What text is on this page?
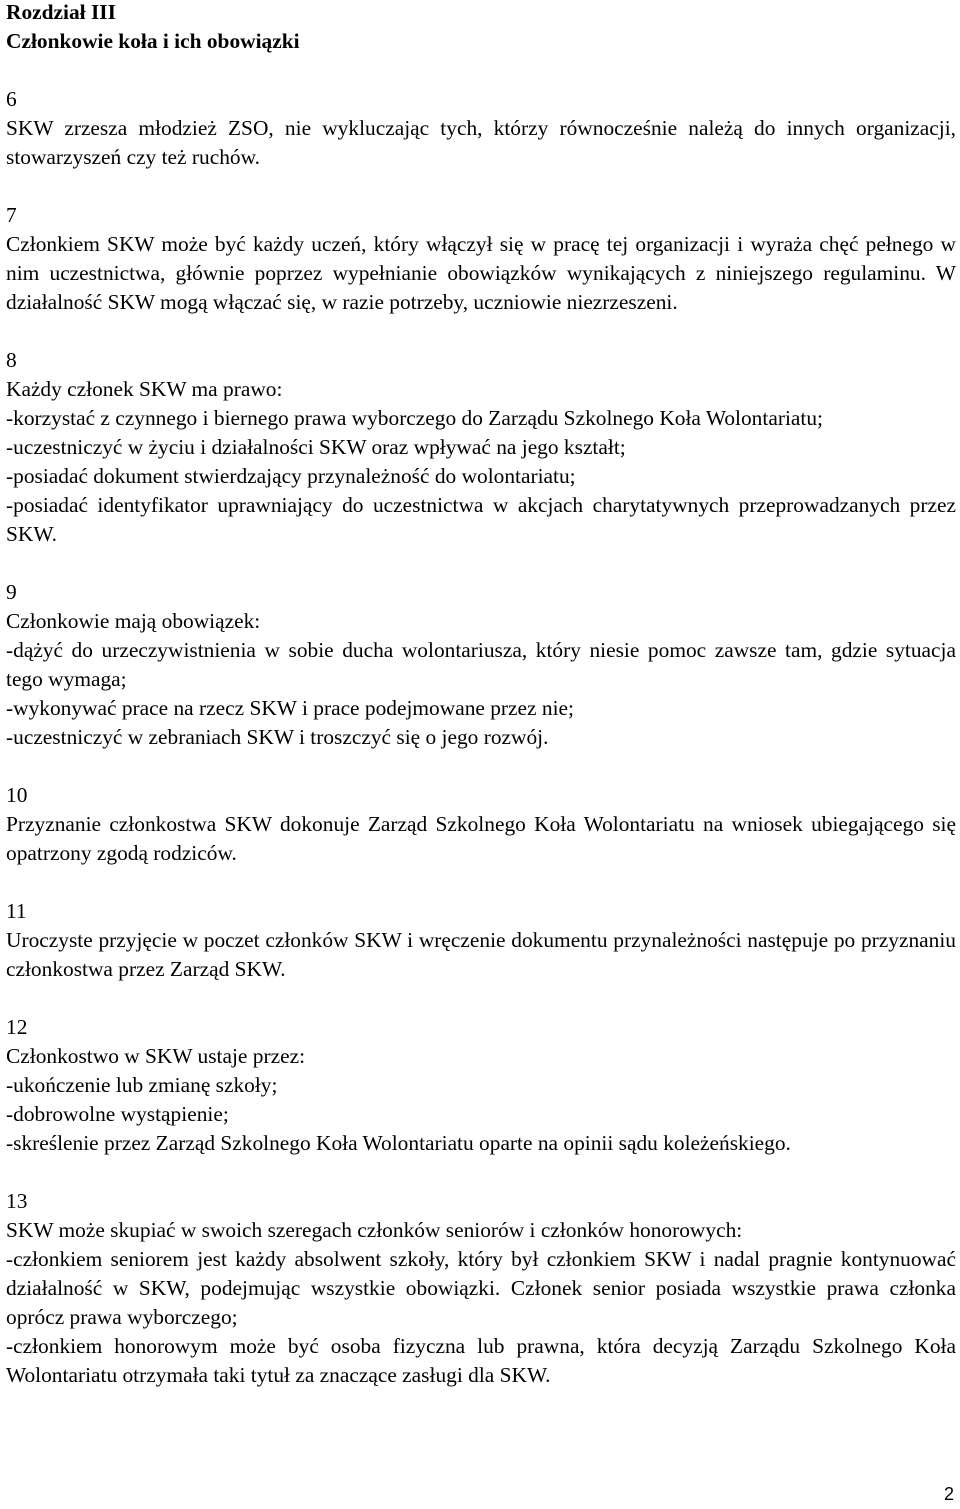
Rozdział III
Członkowie koła i ich obowiązki
6

SKW zrzesza młodzież ZSO, nie wykluczając tych, którzy równocześnie należą do innych organizacji, stowarzyszeń czy też ruchów.

7

Członkiem SKW może być każdy uczeń, który włączył się w pracę tej organizacji i wyraża chęć pełnego w nim uczestnictwa, głównie poprzez wypełnianie obowiązków wynikających z niniejszego regulaminu. W działalność SKW mogą włączać się, w razie potrzeby, uczniowie niezrzeszeni.

8

Każdy członek SKW ma prawo:

-korzystać z czynnego i biernego prawa wyborczego do Zarządu Szkolnego Koła Wolontariatu;

-uczestniczyć w życiu i działalności SKW oraz wpływać na jego kształt;

-posiadać dokument stwierdzający przynależność do wolontariatu;

-posiadać identyfikator uprawniający do uczestnictwa w akcjach charytatywnych przeprowadzanych przez SKW.

9

Członkowie mają obowiązek:

-dążyć do urzeczywistnienia w sobie ducha wolontariusza, który niesie pomoc zawsze tam, gdzie sytuacja tego wymaga;

-wykonywać prace na rzecz SKW i prace podejmowane przez nie;

-uczestniczyć w zebraniach SKW i troszczyć się o jego rozwój.

10

Przyznanie członkostwa SKW dokonuje Zarząd Szkolnego Koła Wolontariatu na wniosek ubiegającego się opatrzony zgodą rodziców.

11

Uroczyste przyjęcie w poczet członków SKW i wręczenie dokumentu przynależności następuje po przyznaniu członkostwa przez Zarząd SKW.

12

Członkostwo w SKW ustaje przez:

-ukończenie lub zmianę szkoły;

-dobrowolne wystąpienie;

-skreślenie przez Zarząd Szkolnego Koła Wolontariatu oparte na opinii sądu koleżeńskiego.

13

SKW może skupiać w swoich szeregach członków seniorów i członków honorowych:

-członkiem seniorem jest każdy absolwent szkoły, który był członkiem SKW i nadal pragnie kontynuować działalność w SKW, podejmując wszystkie obowiązki. Członek senior posiada wszystkie prawa członka oprócz prawa wyborczego;

-członkiem honorowym może być osoba fizyczna lub prawna, która decyzją Zarządu Szkolnego Koła Wolontariatu otrzymała taki tytuł za znaczące zasługi dla SKW.

2
